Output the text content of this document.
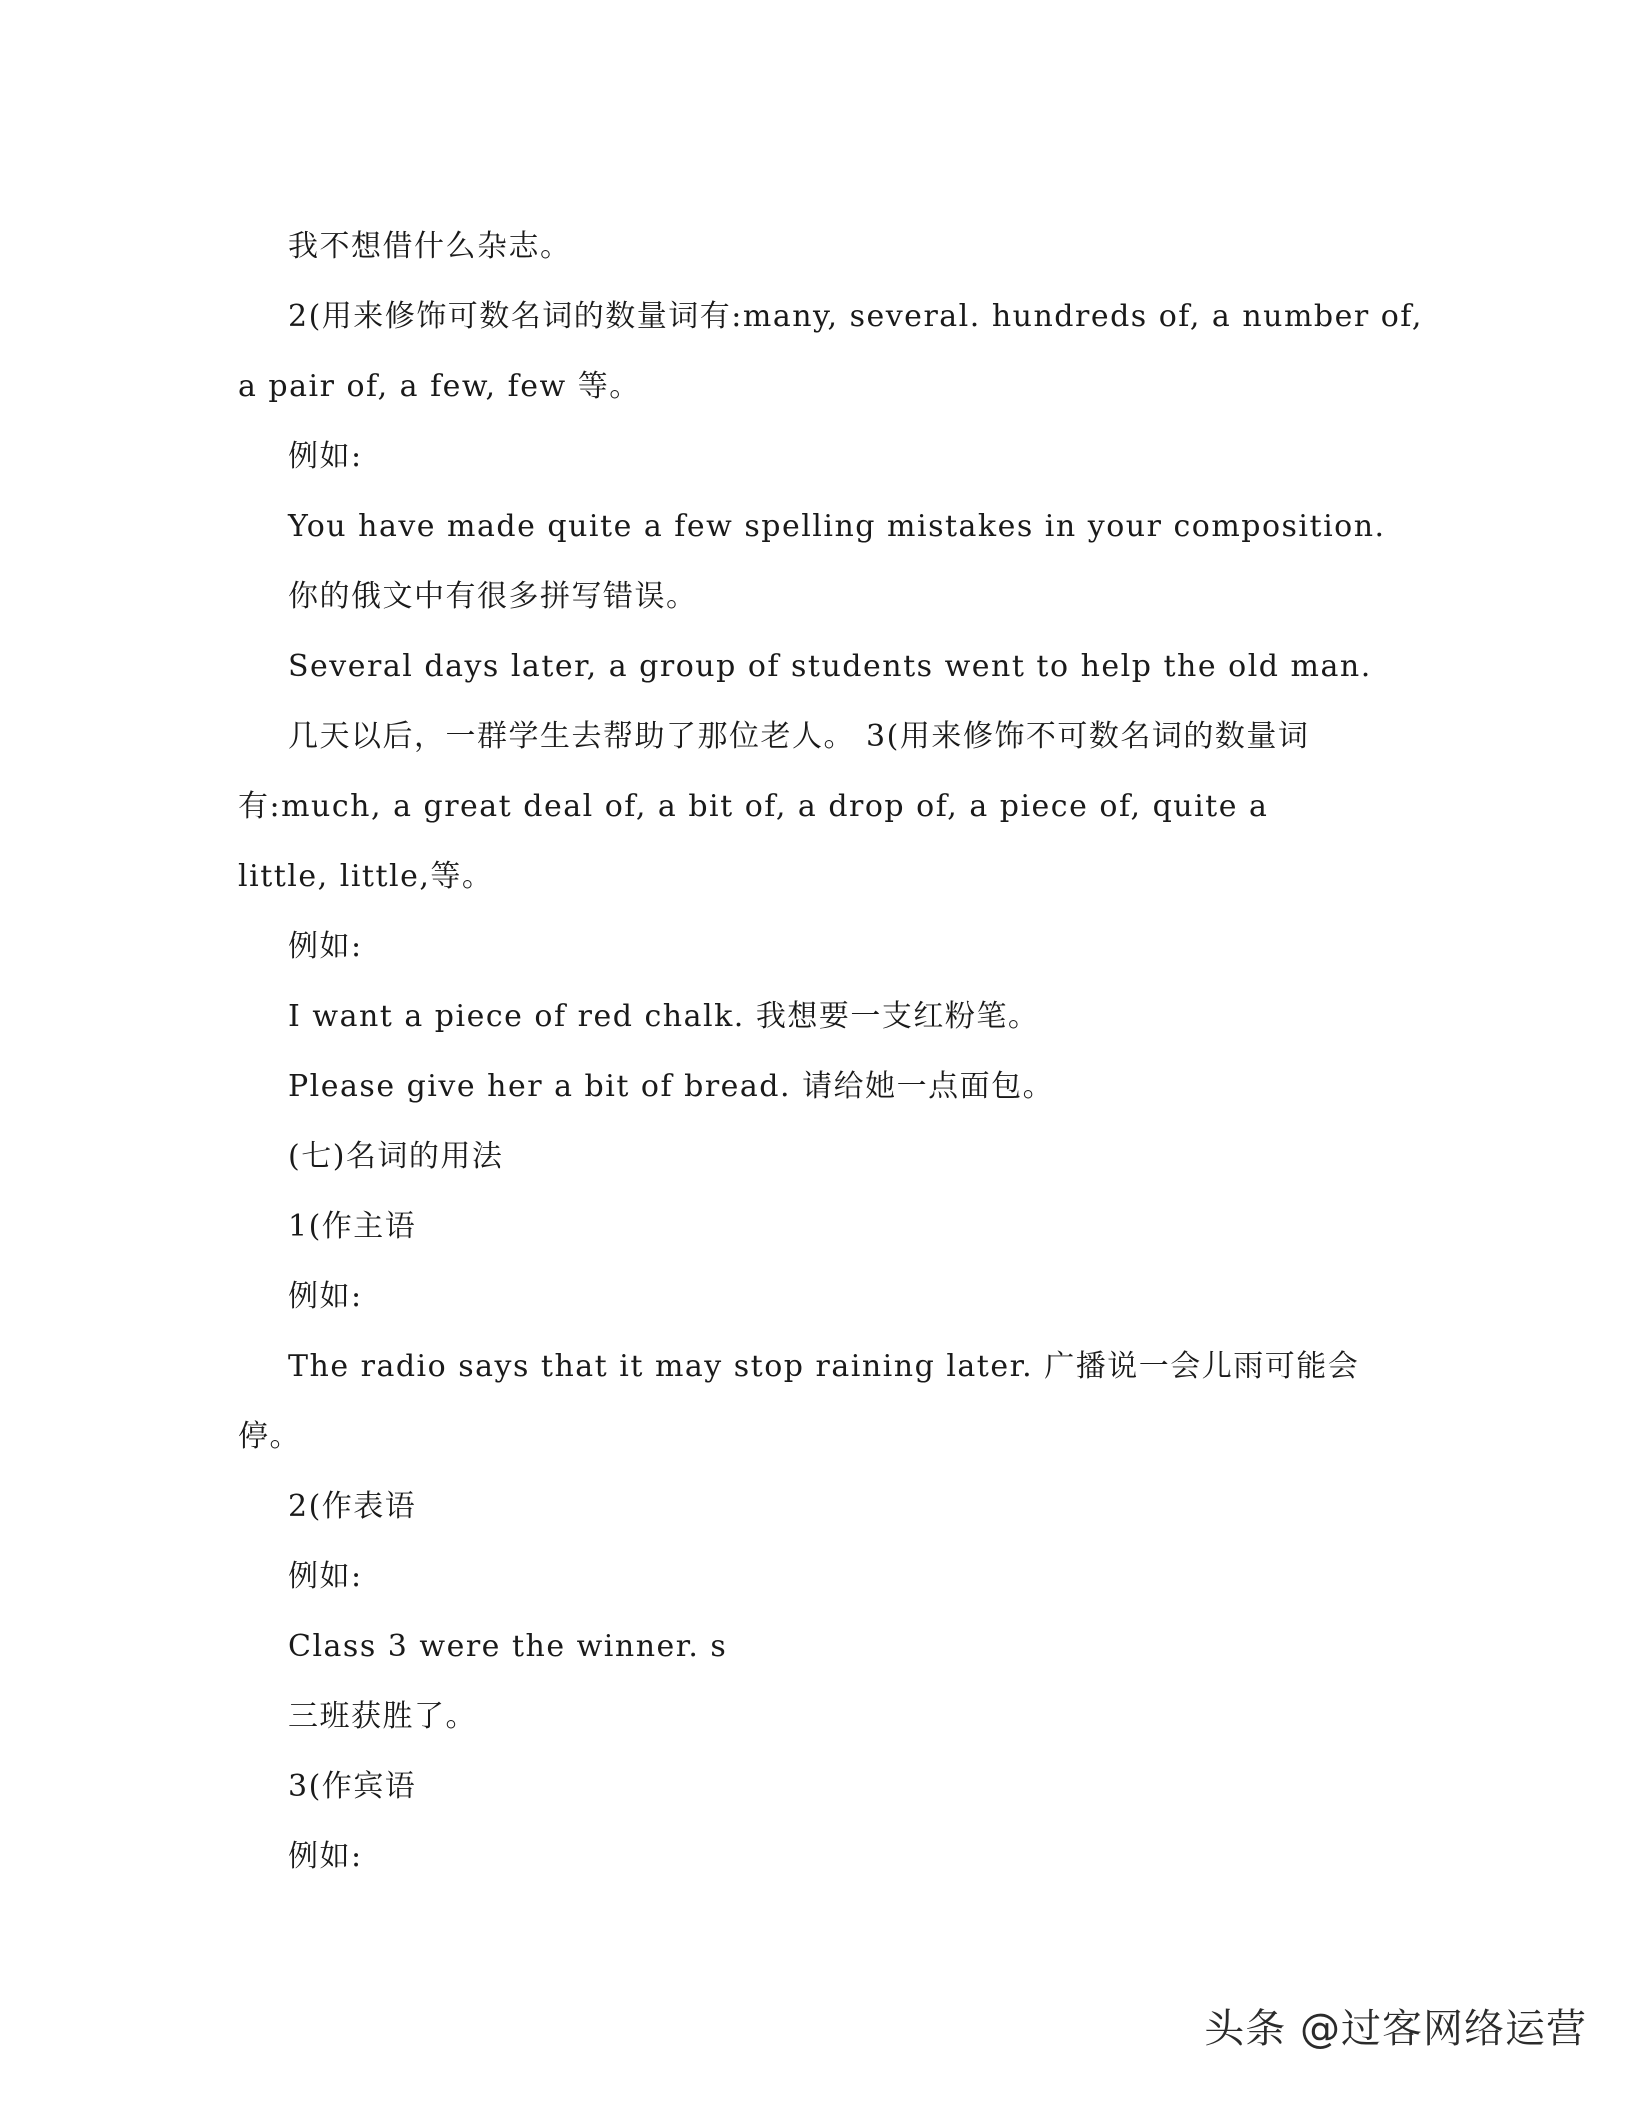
我不想借什么杂志。

2(用来修饰可数名词的数量词有:many, several. hundreds of, a number of,

a pair of, a few, few 等。

例如:

You have made quite a few spelling mistakes in your composition.

你的俄文中有很多拼写错误。

Several days later, a group of students went to help the old man.

几天以后，一群学生去帮助了那位老人。 3(用来修饰不可数名词的数量词

有:much, a great deal of, a bit of, a drop of, a piece of, quite a

little, little,等。

例如:

I want a piece of red chalk. 我想要一支红粉笔。

Please give her a bit of bread. 请给她一点面包。

(七)名词的用法

1(作主语

例如:

The radio says that it may stop raining later. 广播说一会儿雨可能会

停。

2(作表语

例如:

Class 3 were the winner. s

三班获胜了。

3(作宾语

例如:

头条 @过客网络运营
